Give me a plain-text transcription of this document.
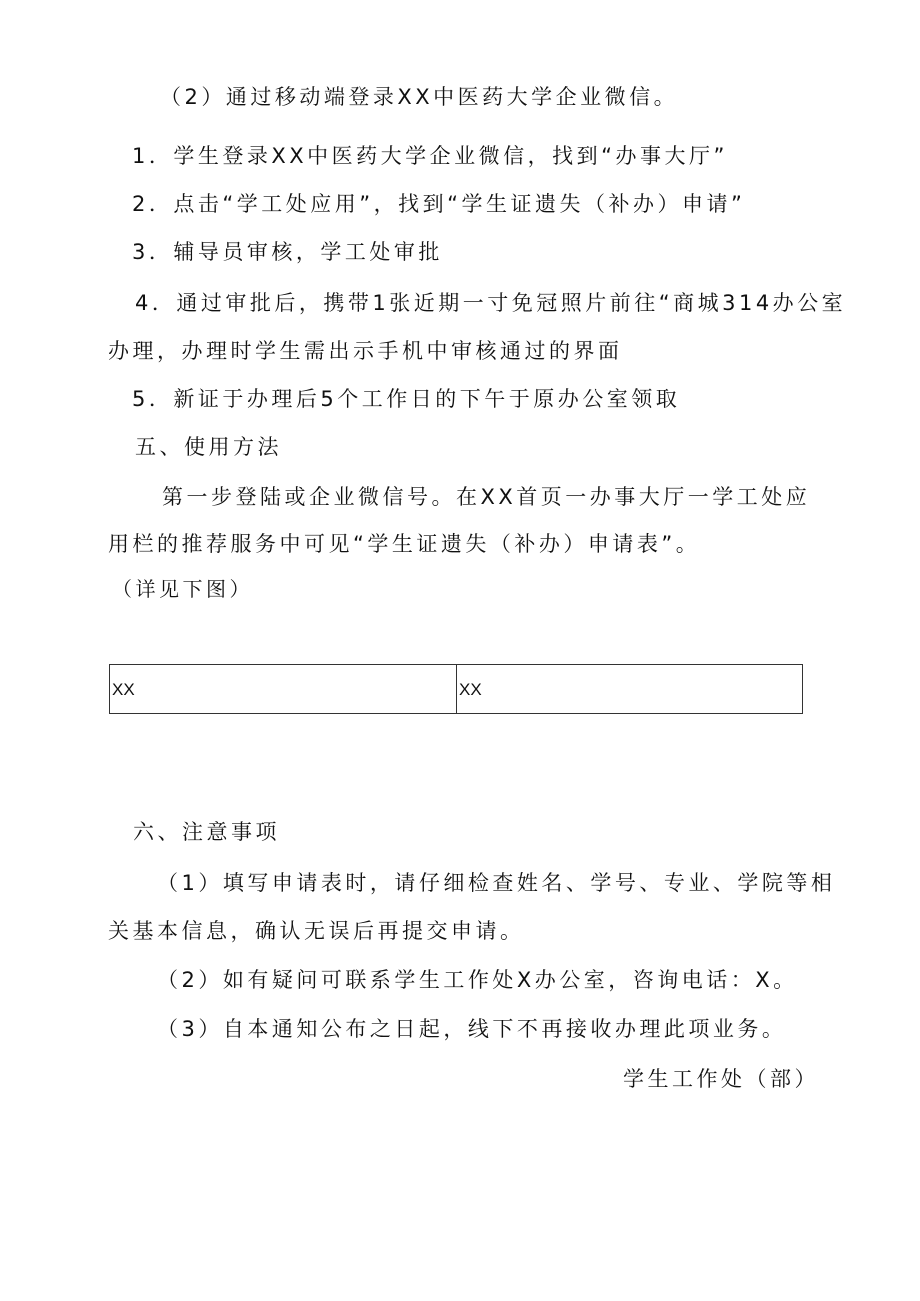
（2）通过移动端登录XX中医药大学企业微信。
1．学生登录XX中医药大学企业微信，找到“办事大厅”
2．点击“学工处应用”，找到“学生证遗失（补办）申请”
3．辅导员审核，学工处审批
4．通过审批后，携带1张近期一寸免冠照片前往“商城314办公室
办理，办理时学生需出示手机中审核通过的界面
5．新证于办理后5个工作日的下午于原办公室领取
五、使用方法
第一步登陆或企业微信号。在XX首页一办事大厅一学工处应
用栏的推荐服务中可见“学生证遗失（补办）申请表”。
（详见下图）
XX	XX
六、注意事项
（1）填写申请表时，请仔细检查姓名、学号、专业、学院等相
关基本信息，确认无误后再提交申请。
（2）如有疑问可联系学生工作处X办公室，咨询电话：X。
（3）自本通知公布之日起，线下不再接收办理此项业务。
学生工作处（部）
